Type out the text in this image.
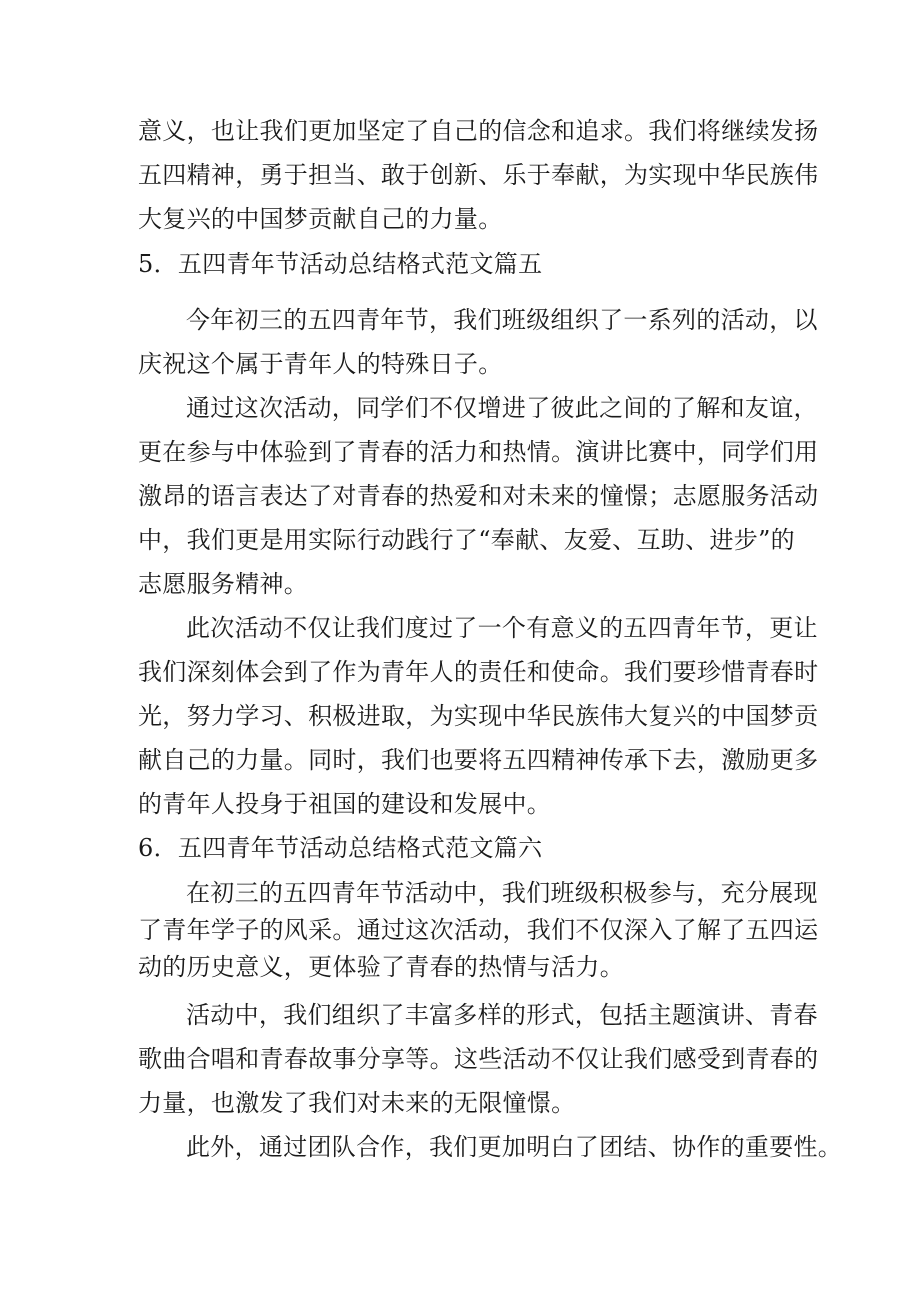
意义，也让我们更加坚定了自己的信念和追求。我们将继续发扬
五四精神，勇于担当、敢于创新、乐于奉献，为实现中华民族伟
大复兴的中国梦贡献自己的力量。
5．五四青年节活动总结格式范文篇五
今年初三的五四青年节，我们班级组织了一系列的活动，以
庆祝这个属于青年人的特殊日子。
通过这次活动，同学们不仅增进了彼此之间的了解和友谊，
更在参与中体验到了青春的活力和热情。演讲比赛中，同学们用
激昂的语言表达了对青春的热爱和对未来的憧憬；志愿服务活动
中，我们更是用实际行动践行了“奉献、友爱、互助、进步”的
志愿服务精神。
此次活动不仅让我们度过了一个有意义的五四青年节，更让
我们深刻体会到了作为青年人的责任和使命。我们要珍惜青春时
光，努力学习、积极进取，为实现中华民族伟大复兴的中国梦贡
献自己的力量。同时，我们也要将五四精神传承下去，激励更多
的青年人投身于祖国的建设和发展中。
6．五四青年节活动总结格式范文篇六
在初三的五四青年节活动中，我们班级积极参与，充分展现
了青年学子的风采。通过这次活动，我们不仅深入了解了五四运
动的历史意义，更体验了青春的热情与活力。
活动中，我们组织了丰富多样的形式，包括主题演讲、青春
歌曲合唱和青春故事分享等。这些活动不仅让我们感受到青春的
力量，也激发了我们对未来的无限憧憬。
此外，通过团队合作，我们更加明白了团结、协作的重要性。
